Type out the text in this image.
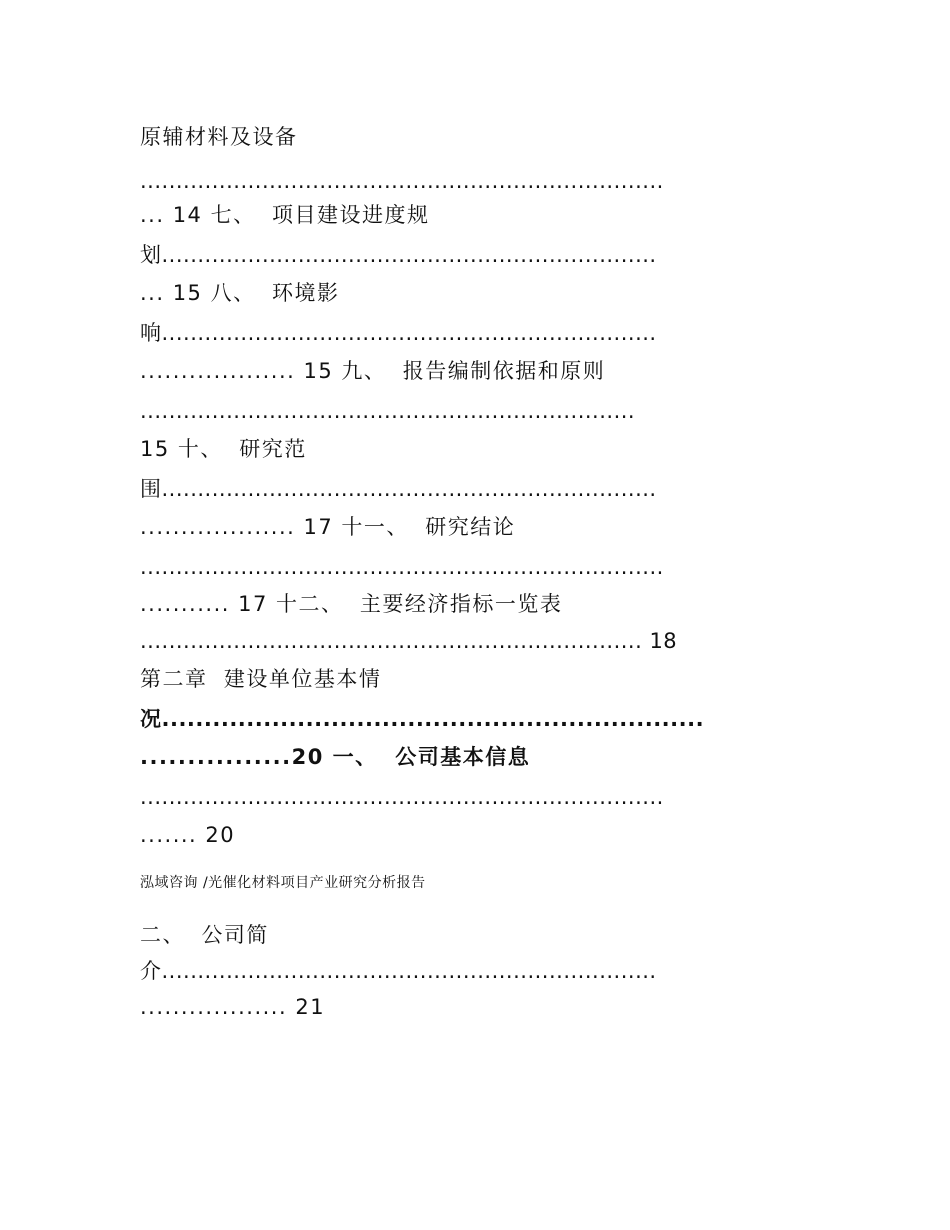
原辅材料及设备
.........................................................................
... 14 七、  项目建设进度规
划.....................................................................
... 15 八、  环境影
响.....................................................................
................... 15 九、  报告编制依据和原则
.....................................................................
15 十、  研究范
围.....................................................................
................... 17 十一、  研究结论
.........................................................................
........... 17 十二、  主要经济指标一览表
...................................................................... 18
第二章  建设单位基本情
况................................................................
................20 一、  公司基本信息
.........................................................................
....... 20
泓域咨询 /光催化材料项目产业研究分析报告
二、  公司简
介.....................................................................
.................. 21
